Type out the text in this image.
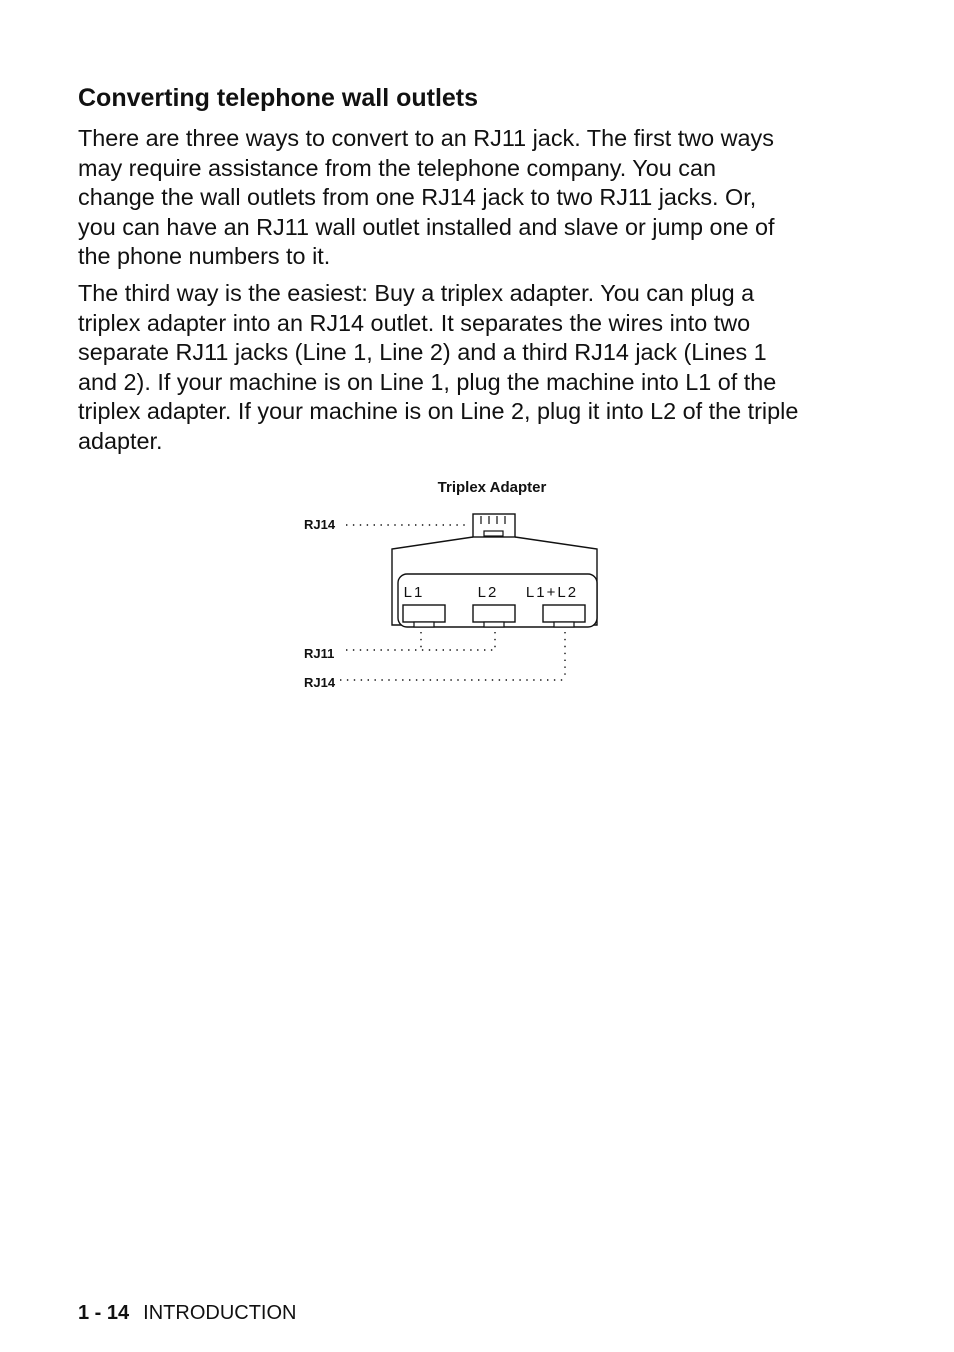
Converting telephone wall outlets

There are three ways to convert to an RJ11 jack. The first two ways
may require assistance from the telephone company. You can
change the wall outlets from one RJ14 jack to two RJ11 jacks. Or,
you can have an RJ11 wall outlet installed and slave or jump one of
the phone numbers to it.

The third way is the easiest: Buy a triplex adapter. You can plug a
triplex adapter into an RJ14 outlet. It separates the wires into two
separate RJ11 jacks (Line 1, Line 2) and a third RJ14 jack (Lines 1
and 2). If your machine is on Line 1, plug the machine into L1 of the
triplex adapter. If your machine is on Line 2, plug it into L2 of the triple
adapter.

Triplex Adapter
RJ14
L1	L2 L1+L2
RJ11
RJ14
1 - 14 INTRODUCTION
